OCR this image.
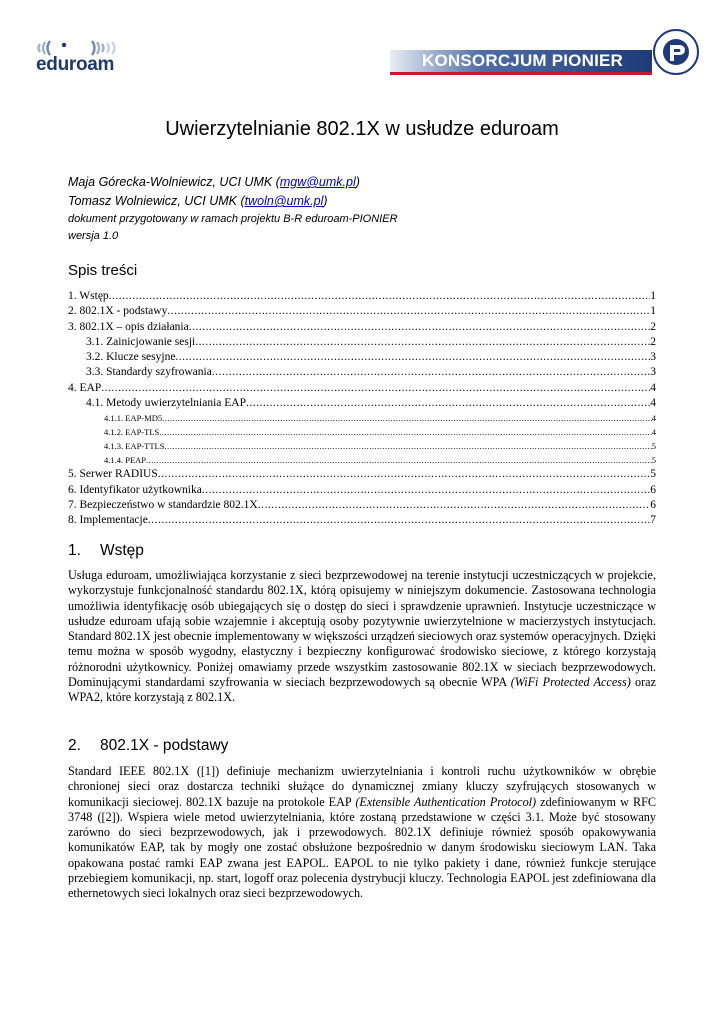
eduroam	KONSORCJUM PIONIER
Uwierzytelnianie 802.1X w usłudze eduroam
Maja Górecka-Wolniewicz, UCI UMK (mgw@umk.pl)
Tomasz Wolniewicz, UCI UMK (twoln@umk.pl)
dokument przygotowany w ramach projektu B-R eduroam-PIONIER
wersja 1.0
Spis treści
1. Wstęp .....	1
2. 802.1X - podstawy .....	1
3. 802.1X – opis działania .....	2
3.1. Zainicjowanie sesji .....	2
3.2. Klucze sesyjne .....	3
3.3. Standardy szyfrowania .....	3
4. EAP .....	4
4.1. Metody uwierzytelniania EAP .....	4
4.1.1. EAP-MD5 .....	4
4.1.2. EAP-TLS .....	4
4.1.3. EAP-TTLS .....	5
4.1.4. PEAP .....	5
5. Serwer RADIUS .....	5
6. Identyfikator użytkownika .....	6
7. Bezpieczeństwo w standardzie 802.1X .....	6
8. Implementacje .....	7
1. Wstęp
Usługa eduroam, umożliwiająca korzystanie z sieci bezprzewodowej na terenie instytucji uczestniczących w projekcie, wykorzystuje funkcjonalność standardu 802.1X, którą opisujemy w niniejszym dokumencie. Zastosowana technologia umożliwia identyfikację osób ubiegających się o dostęp do sieci i sprawdzenie uprawnień. Instytucje uczestniczące w usłudze eduroam ufają sobie wzajemnie i akceptują osoby pozytywnie uwierzytelnione w macierzystych instytucjach. Standard 802.1X jest obecnie implementowany w większości urządzeń sieciowych oraz systemów operacyjnych. Dzięki temu można w sposób wygodny, elastyczny i bezpieczny konfigurować środowisko sieciowe, z którego korzystają różnorodni użytkownicy. Poniżej omawiamy przede wszystkim zastosowanie 802.1X w sieciach bezprzewodowych. Dominującymi standardami szyfrowania w sieciach bezprzewodowych są obecnie WPA (WiFi Protected Access) oraz WPA2, które korzystają z 802.1X.
2. 802.1X - podstawy
Standard IEEE 802.1X ([1]) definiuje mechanizm uwierzytelniania i kontroli ruchu użytkowników w obrębie chronionej sieci oraz dostarcza techniki służące do dynamicznej zmiany kluczy szyfrujących stosowanych w komunikacji sieciowej. 802.1X bazuje na protokole EAP (Extensible Authentication Protocol) zdefiniowanym w RFC 3748 ([2]). Wspiera wiele metod uwierzytelniania, które zostaną przedstawione w części 3.1. Może być stosowany zarówno do sieci bezprzewodowych, jak i przewodowych. 802.1X definiuje również sposób opakowywania komunikatów EAP, tak by mogły one zostać obsłużone bezpośrednio w danym środowisku sieciowym LAN. Taka opakowana postać ramki EAP zwana jest EAPOL. EAPOL to nie tylko pakiety i dane, również funkcje sterujące przebiegiem komunikacji, np. start, logoff oraz polecenia dystrybucji kluczy. Technologia EAPOL jest zdefiniowana dla ethernetowych sieci lokalnych oraz sieci bezprzewodowych.
